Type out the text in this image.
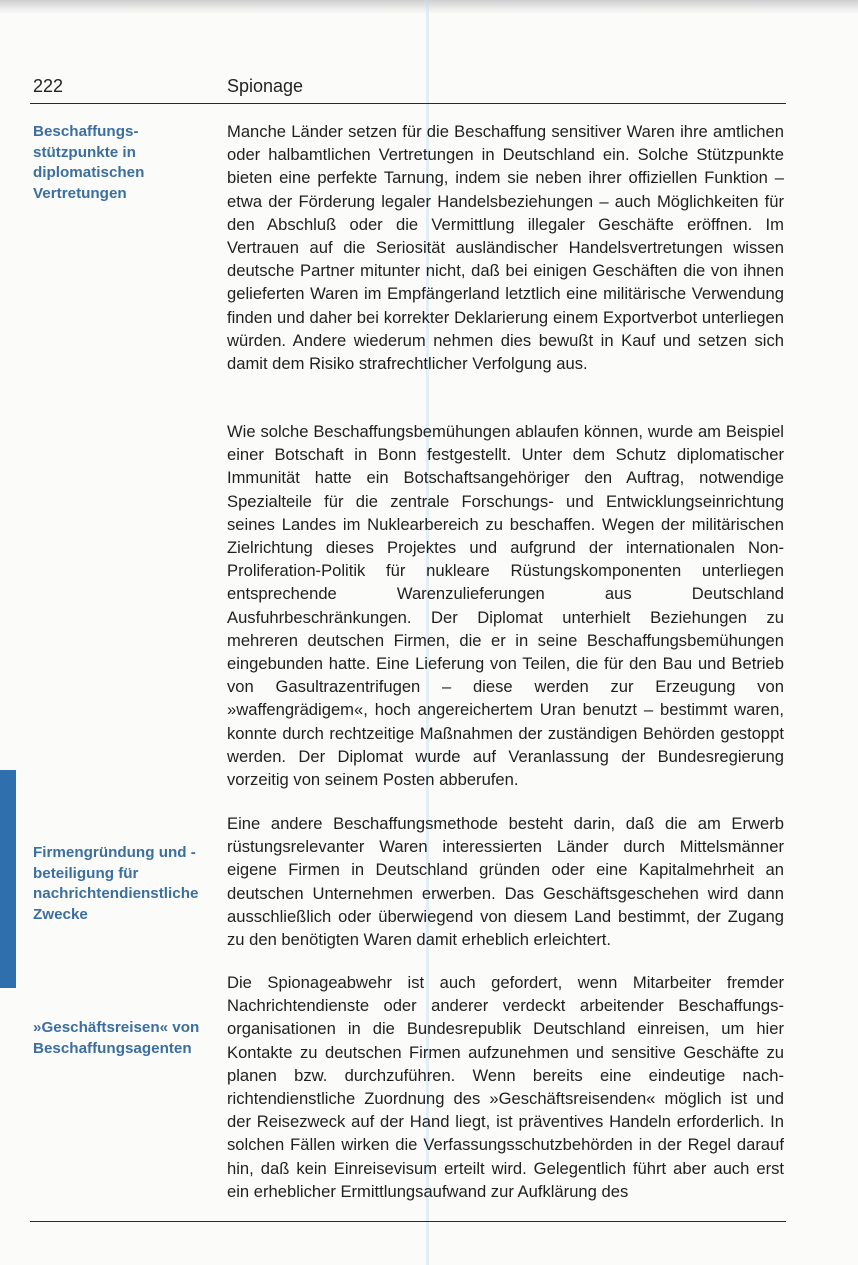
222	Spionage
Beschaffungsstützpunkte in diplomatischen Vertretungen
Firmengründung und -beteiligung für nachrichtendienstliche Zwecke
»Geschäftsreisen« von Beschaffungsagenten
Manche Länder setzen für die Beschaffung sensitiver Waren ihre amtlichen oder halbamtlichen Vertretungen in Deutschland ein. Solche Stützpunkte bieten eine perfekte Tarnung, indem sie neben ihrer offiziellen Funktion – etwa der Förderung legaler Handelsbeziehungen – auch Möglichkeiten für den Abschluß oder die Vermittlung illegaler Geschäfte eröffnen. Im Vertrauen auf die Seriosität ausländischer Handelsvertretungen wissen deutsche Partner mitunter nicht, daß bei einigen Geschäften die von ihnen gelieferten Waren im Empfängerland letztlich eine militärische Verwendung finden und daher bei korrekter Deklarierung einem Exportverbot unterliegen würden. Andere wiederum nehmen dies bewußt in Kauf und setzen sich damit dem Risiko strafrechtlicher Verfolgung aus.
Wie solche Beschaffungsbemühungen ablaufen können, wurde am Beispiel einer Botschaft in Bonn festgestellt. Unter dem Schutz diplomatischer Immunität hatte ein Botschaftsangehöriger den Auftrag, notwendige Spezialteile für die zentrale Forschungs- und Entwicklungseinrichtung seines Landes im Nuklearbereich zu beschaffen. Wegen der militärischen Zielrichtung dieses Projektes und aufgrund der internationalen Non-Proliferation-Politik für nukleare Rüstungskomponenten unterliegen entsprechende Warenzulieferungen aus Deutschland Ausfuhrbeschränkungen. Der Diplomat unterhielt Beziehungen zu mehreren deutschen Firmen, die er in seine Beschaffungsbemühungen eingebunden hatte. Eine Lieferung von Teilen, die für den Bau und Betrieb von Gasultrazentrifugen – diese werden zur Erzeugung von »waffengrädigem«, hoch angereichertem Uran benutzt – bestimmt waren, konnte durch rechtzeitige Maßnahmen der zuständigen Behörden gestoppt werden. Der Diplomat wurde auf Veranlassung der Bundesregierung vorzeitig von seinem Posten abberufen.
Eine andere Beschaffungsmethode besteht darin, daß die am Erwerb rüstungsrelevanter Waren interessierten Länder durch Mittelsmänner eigene Firmen in Deutschland gründen oder eine Kapitalmehrheit an deutschen Unternehmen erwerben. Das Geschäftsgeschehen wird dann ausschließlich oder überwiegend von diesem Land bestimmt, der Zugang zu den benötigten Waren damit erheblich erleichtert.
Die Spionageabwehr ist auch gefordert, wenn Mitarbeiter fremder Nachrichtendienste oder anderer verdeckt arbeitender Beschaffungsorganisationen in die Bundesrepublik Deutschland einreisen, um hier Kontakte zu deutschen Firmen aufzunehmen und sensitive Geschäfte zu planen bzw. durchzuführen. Wenn bereits eine eindeutige nachrichtendienstliche Zuordnung des »Geschäftsreisenden« möglich ist und der Reisezweck auf der Hand liegt, ist präventives Handeln erforderlich. In solchen Fällen wirken die Verfassungsschutzbehörden in der Regel darauf hin, daß kein Einreisevisum erteilt wird. Gelegentlich führt aber auch erst ein erheblicher Ermittlungsaufwand zur Aufklärung des
